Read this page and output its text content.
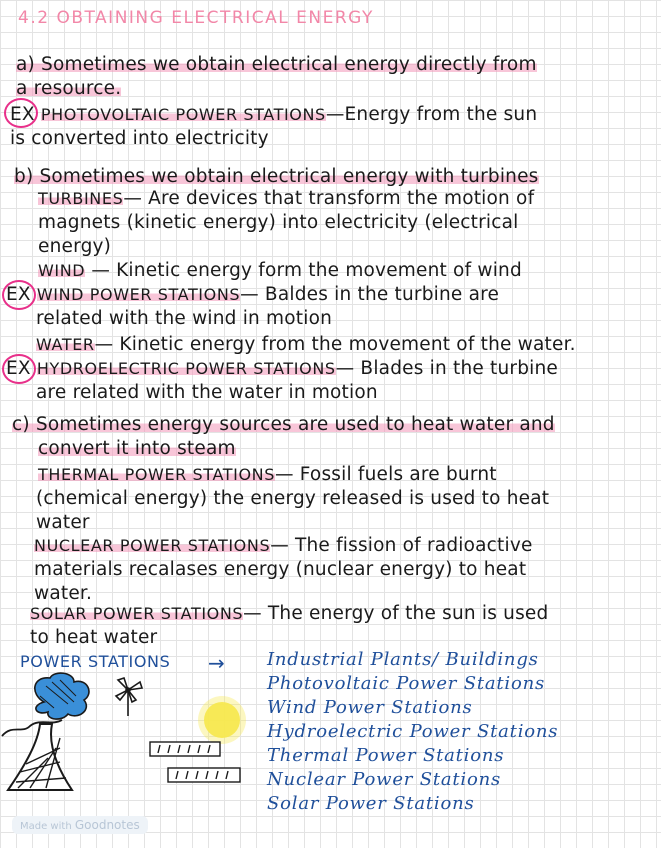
4.2 OBTAINING ELECTRICAL ENERGY
a) Sometimes we obtain electrical energy directly from
a resource.
EX PHOTOVOLTAIC POWER STATIONS—Energy from the sun
is converted into electricity
b) Sometimes we obtain electrical energy with turbines
TURBINES— Are devices that transform the motion of
magnets (kinetic energy) into electricity (electrical
energy)
WIND — Kinetic energy form the movement of wind
EX WIND POWER STATIONS— Baldes in the turbine are
related with the wind in motion
WATER— Kinetic energy from the movement of the water.
EX HYDROELECTRIC POWER STATIONS— Blades in the turbine
are related with the water in motion
c) Sometimes energy sources are used to heat water and
convert it into steam
THERMAL POWER STATIONS— Fossil fuels are burnt
(chemical energy) the energy released is used to heat
water
NUCLEAR POWER STATIONS— The fission of radioactive
materials recalases energy (nuclear energy) to heat
water.
SOLAR POWER STATIONS— The energy of the sun is used
to heat water
POWER STATIONS → Industrial Plants/ Buildings
Photovoltaic Power Stations
Wind Power Stations
Hydroelectric Power Stations
Thermal Power Stations
Nuclear Power Stations
Solar Power Stations
Made with Goodnotes
